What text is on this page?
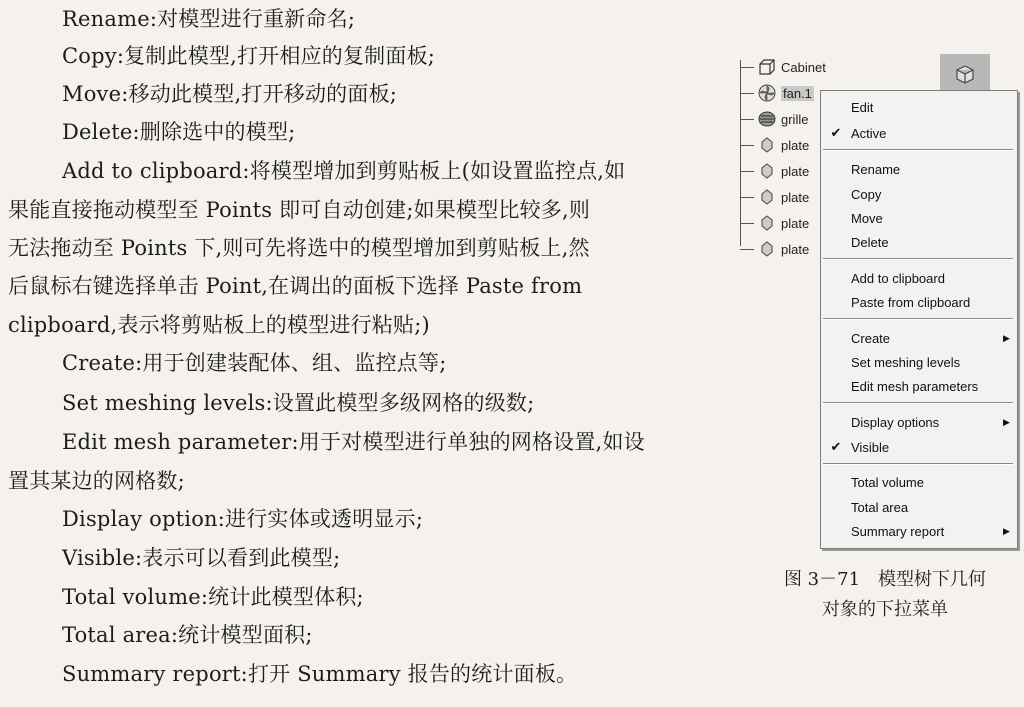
Rename:对模型进行重新命名;
Copy:复制此模型,打开相应的复制面板;
Move:移动此模型,打开移动的面板;
Delete:删除选中的模型;
Add to clipboard:将模型增加到剪贴板上(如设置监控点,如
果能直接拖动模型至 Points 即可自动创建;如果模型比较多,则
无法拖动至 Points 下,则可先将选中的模型增加到剪贴板上,然
后鼠标右键选择单击 Point,在调出的面板下选择 Paste from
clipboard,表示将剪贴板上的模型进行粘贴;)
Create:用于创建装配体、组、监控点等;
Set meshing levels:设置此模型多级网格的级数;
Edit mesh parameter:用于对模型进行单独的网格设置,如设
置其某边的网格数;
Display option:进行实体或透明显示;
Visible:表示可以看到此模型;
Total volume:统计此模型体积;
Total area:统计模型面积;
Summary report:打开 Summary 报告的统计面板。
Cabinet
fan.1
grille
plate
plate
plate
plate
plate
Edit
✔ Active
Rename
Copy
Move
Delete
Add to clipboard
Paste from clipboard
Create	▶
Set meshing levels
Edit mesh parameters
Display options	▶
✔ Visible
Total volume
Total area
Summary report	▶
图 3－71　模型树下几何
对象的下拉菜单
